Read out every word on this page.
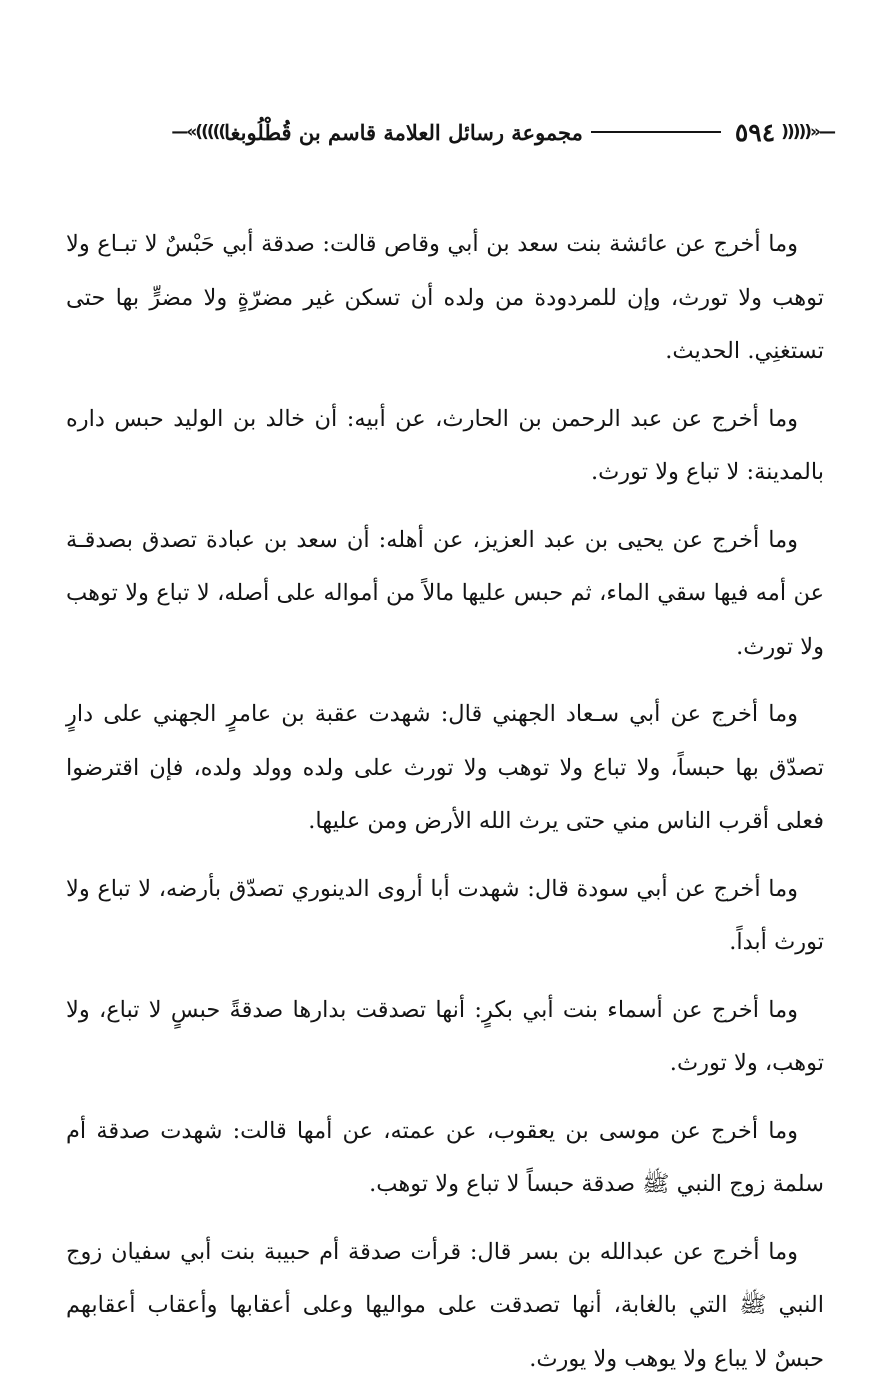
—«(((((
٥٩٤
مجموعة رسائل العلامة قاسم بن قُطْلُوبغا
)))))»—

وما أخرج عن عائشة بنت سعد بن أبي وقاص قالت: صدقة أبي حَبْسٌ لا تبـاع ولا توهب ولا تورث، وإن للمردودة من ولده أن تسكن غير مضرّةٍ ولا مضرٍّ بها حتى تستغنِي. الحديث.

وما أخرج عن عبد الرحمن بن الحارث، عن أبيه: أن خالد بن الوليد حبس داره بالمدينة: لا تباع ولا تورث.

وما أخرج عن يحيى بن عبد العزيز، عن أهله: أن سعد بن عبادة تصدق بصدقـة عن أمه فيها سقي الماء، ثم حبس عليها مالاً من أمواله على أصله، لا تباع ولا توهب ولا تورث.

وما أخرج عن أبي سـعاد الجهني قال: شهدت عقبة بن عامرٍ الجهني على دارٍ تصدّق بها حبساً، ولا تباع ولا توهب ولا تورث على ولده وولد ولده، فإن اقترضوا فعلى أقرب الناس مني حتى يرث الله الأرض ومن عليها.

وما أخرج عن أبي سودة قال: شهدت أبا أروى الدينوري تصدّق بأرضه، لا تباع ولا تورث أبداً.

وما أخرج عن أسماء بنت أبي بكرٍ: أنها تصدقت بدارها صدقةً حبسٍ لا تباع، ولا توهب، ولا تورث.

وما أخرج عن موسى بن يعقوب، عن عمته، عن أمها قالت: شهدت صدقة أم سلمة زوج النبي ﷺ صدقة حبساً لا تباع ولا توهب.

وما أخرج عن عبدالله بن بسر قال: قرأت صدقة أم حبيبة بنت أبي سفيان زوج النبي ﷺ التي بالغابة، أنها تصدقت على مواليها وعلى أعقابها وأعقاب أعقابهم حبسٌ لا يباع ولا يوهب ولا يورث.
